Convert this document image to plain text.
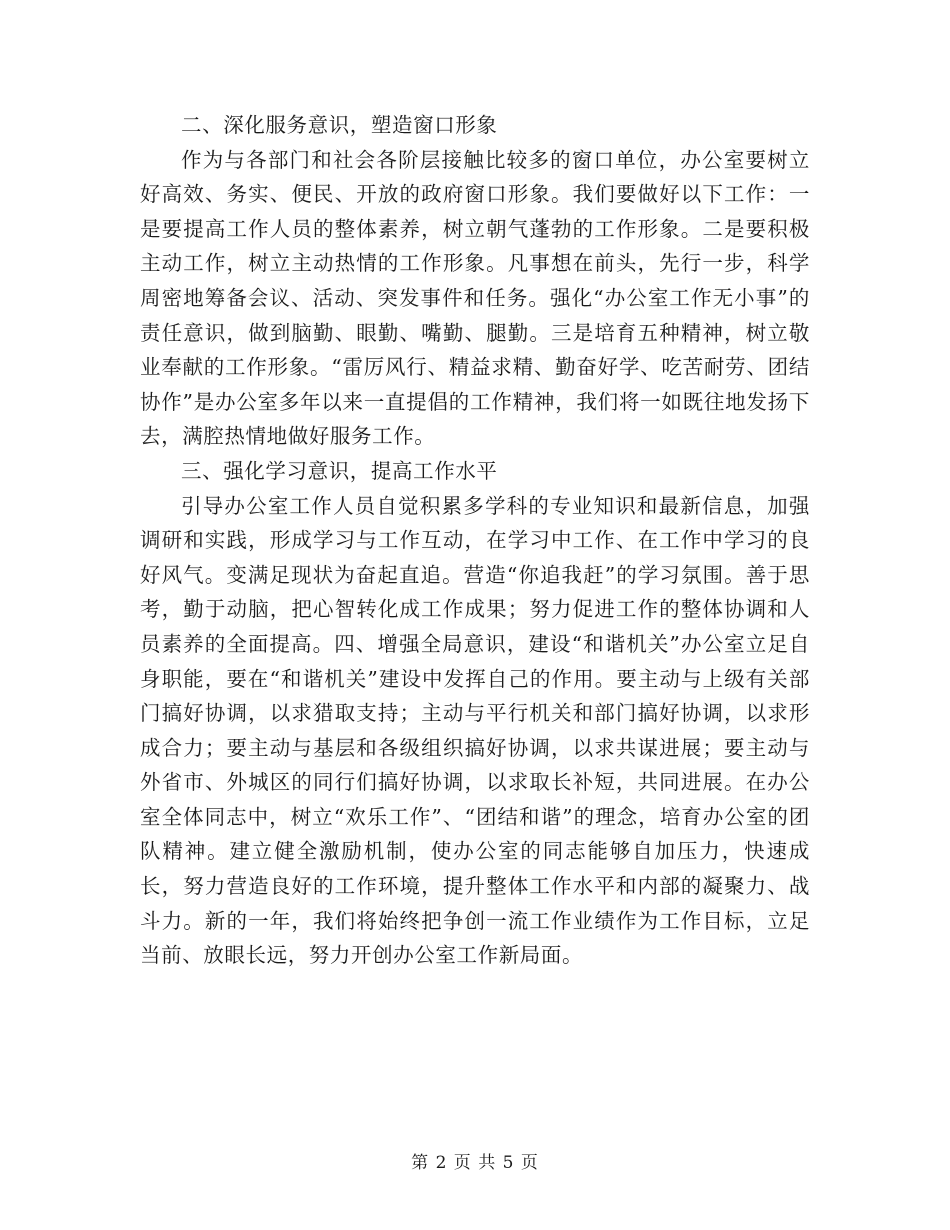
二、深化服务意识，塑造窗口形象

作为与各部门和社会各阶层接触比较多的窗口单位，办公室要树立好高效、务实、便民、开放的政府窗口形象。我们要做好以下工作：一是要提高工作人员的整体素养，树立朝气蓬勃的工作形象。二是要积极主动工作，树立主动热情的工作形象。凡事想在前头，先行一步，科学周密地筹备会议、活动、突发事件和任务。强化“办公室工作无小事”的责任意识，做到脑勤、眼勤、嘴勤、腿勤。三是培育五种精神，树立敬业奉献的工作形象。“雷厉风行、精益求精、勤奋好学、吃苦耐劳、团结协作”是办公室多年以来一直提倡的工作精神，我们将一如既往地发扬下去，满腔热情地做好服务工作。

三、强化学习意识，提高工作水平

引导办公室工作人员自觉积累多学科的专业知识和最新信息，加强调研和实践，形成学习与工作互动，在学习中工作、在工作中学习的良好风气。变满足现状为奋起直追。营造“你追我赶”的学习氛围。善于思考，勤于动脑，把心智转化成工作成果；努力促进工作的整体协调和人员素养的全面提高。四、增强全局意识，建设“和谐机关”办公室立足自身职能，要在“和谐机关”建设中发挥自己的作用。要主动与上级有关部门搞好协调，以求猎取支持；主动与平行机关和部门搞好协调，以求形成合力；要主动与基层和各级组织搞好协调，以求共谋进展；要主动与外省市、外城区的同行们搞好协调，以求取长补短，共同进展。在办公室全体同志中，树立“欢乐工作”、“团结和谐”的理念，培育办公室的团队精神。建立健全激励机制，使办公室的同志能够自加压力，快速成长，努力营造良好的工作环境，提升整体工作水平和内部的凝聚力、战斗力。新的一年，我们将始终把争创一流工作业绩作为工作目标，立足当前、放眼长远，努力开创办公室工作新局面。

第 2 页 共 5 页
